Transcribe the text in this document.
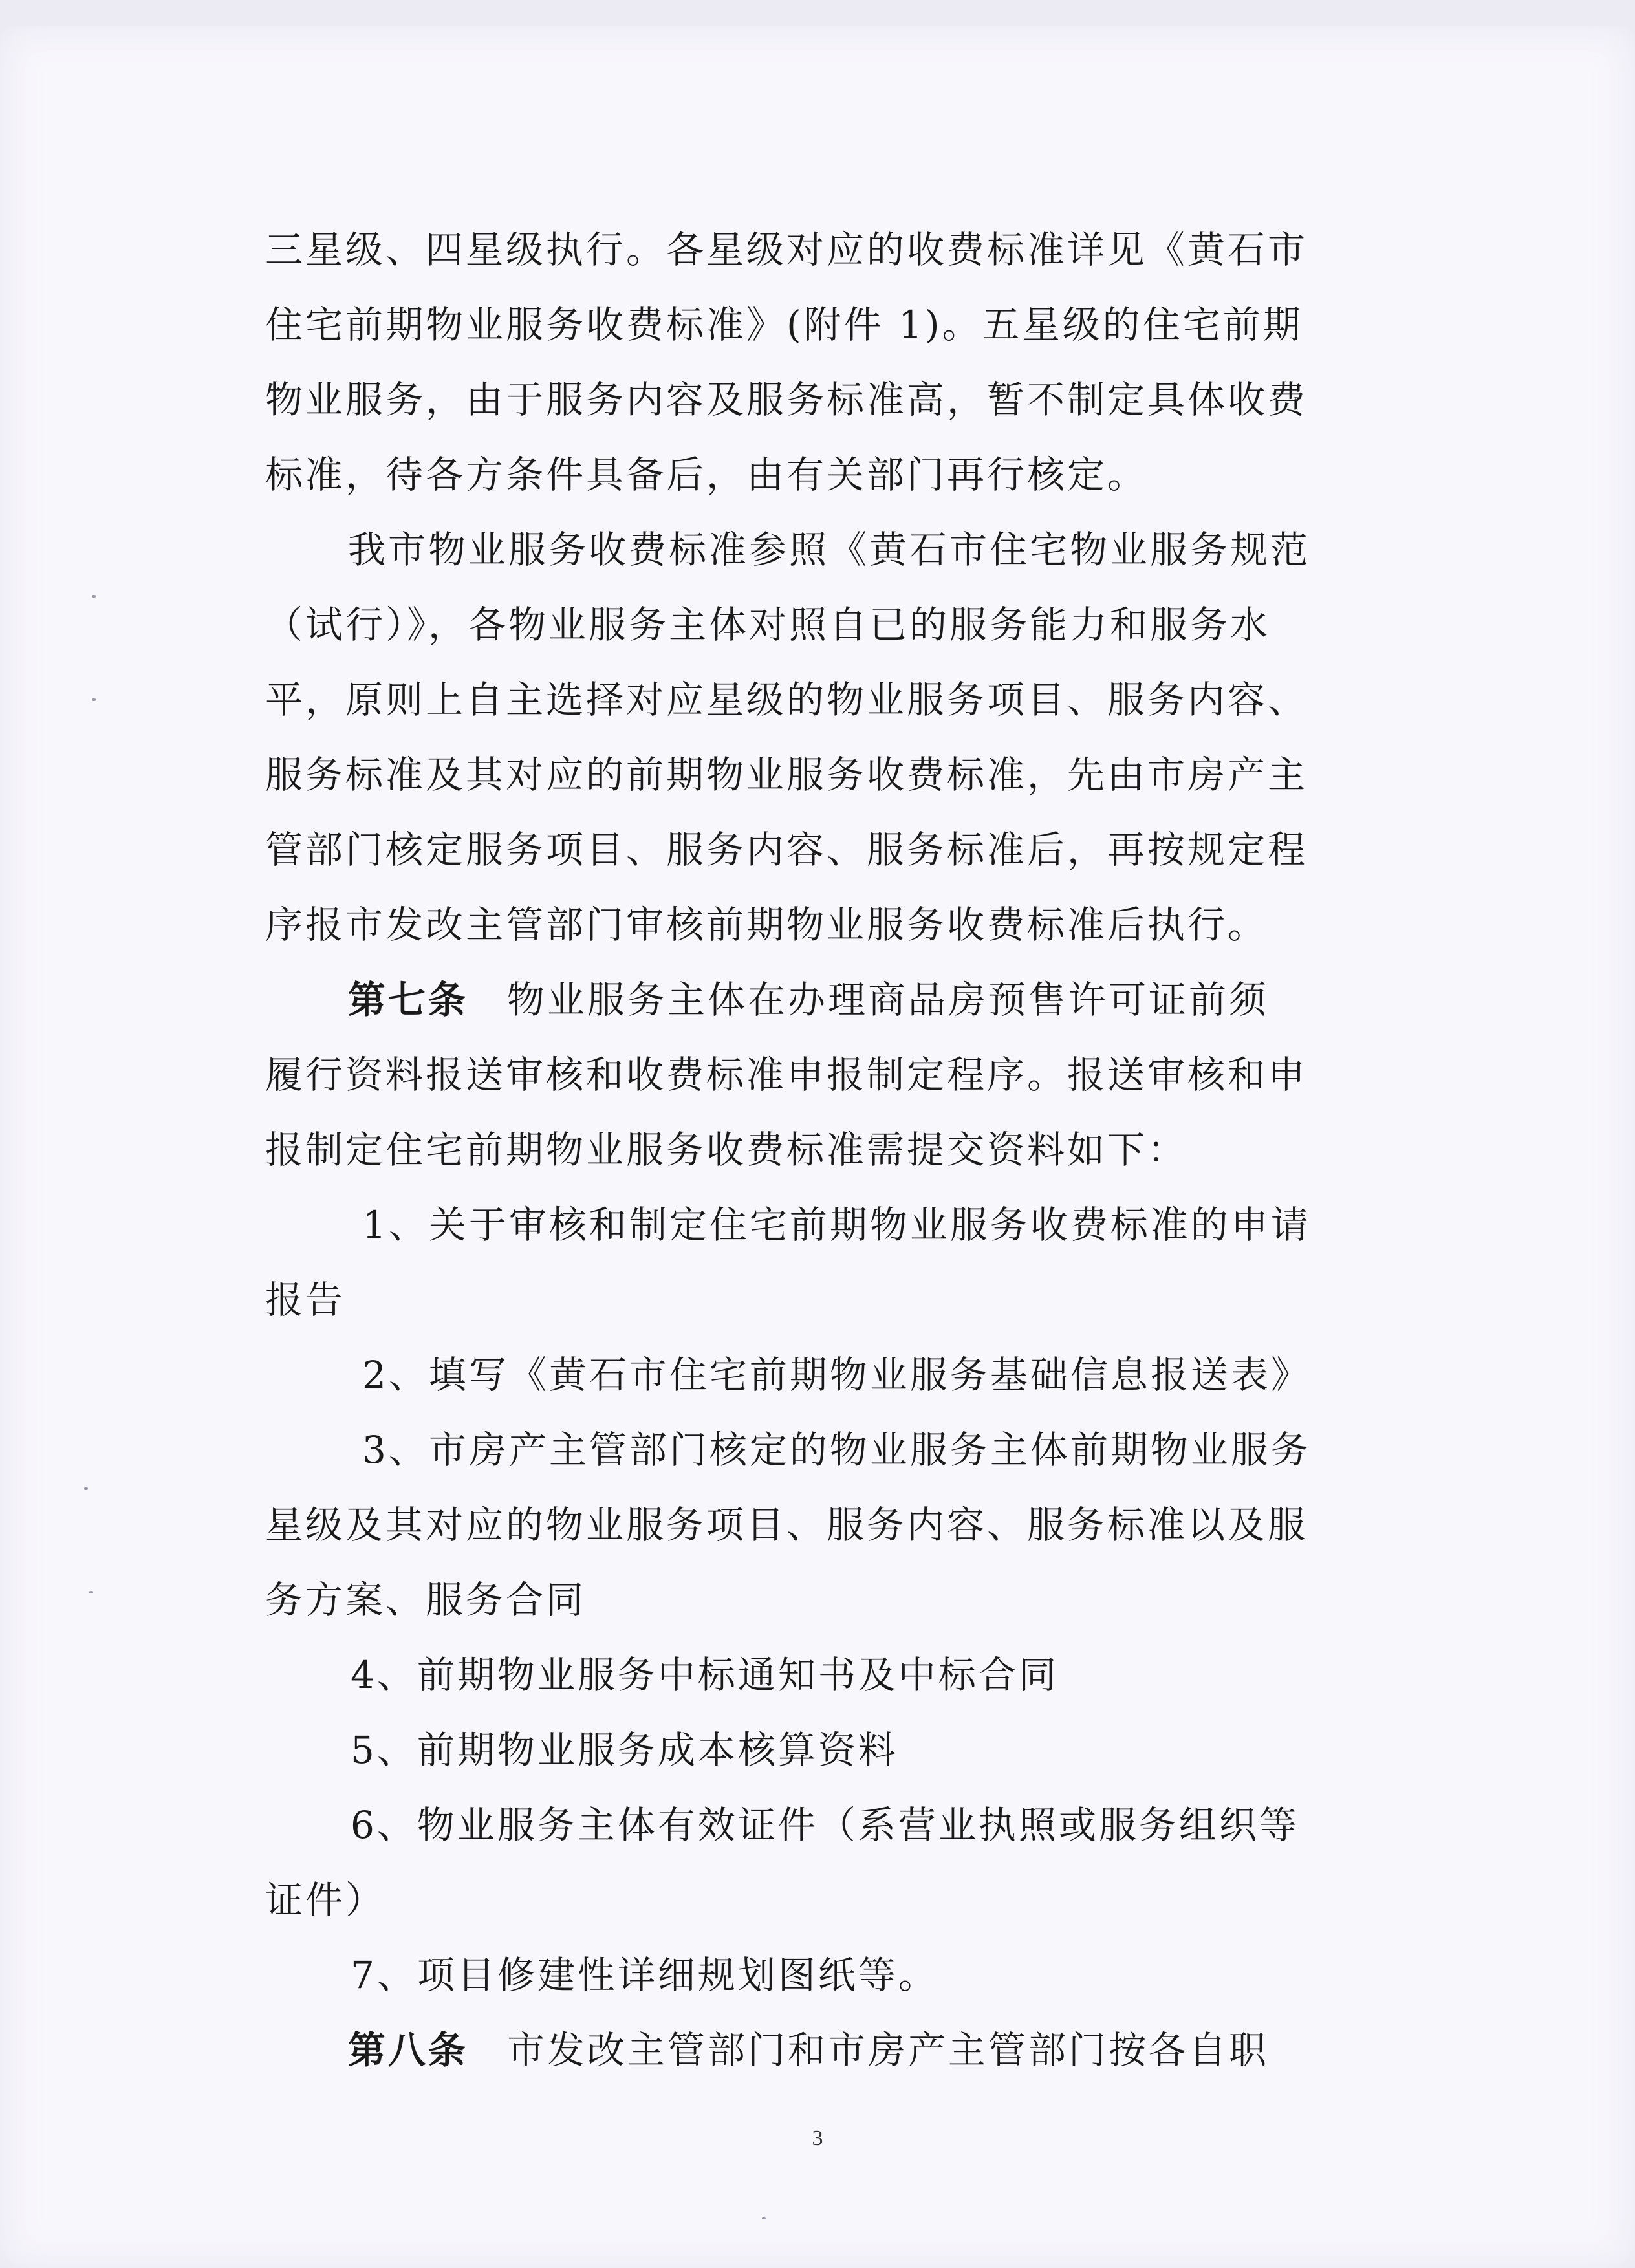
三星级、四星级执行。各星级对应的收费标准详见《黄石市
住宅前期物业服务收费标准》(附件 1)。五星级的住宅前期
物业服务，由于服务内容及服务标准高，暂不制定具体收费
标准，待各方条件具备后，由有关部门再行核定。
我市物业服务收费标准参照《黄石市住宅物业服务规范
（试行）》，各物业服务主体对照自已的服务能力和服务水
平，原则上自主选择对应星级的物业服务项目、服务内容、
服务标准及其对应的前期物业服务收费标准，先由市房产主
管部门核定服务项目、服务内容、服务标准后，再按规定程
序报市发改主管部门审核前期物业服务收费标准后执行。
第七条 物业服务主体在办理商品房预售许可证前须
履行资料报送审核和收费标准申报制定程序。报送审核和申
报制定住宅前期物业服务收费标准需提交资料如下：
1、关于审核和制定住宅前期物业服务收费标准的申请
报告
2、填写《黄石市住宅前期物业服务基础信息报送表》
3、市房产主管部门核定的物业服务主体前期物业服务
星级及其对应的物业服务项目、服务内容、服务标准以及服
务方案、服务合同
4、前期物业服务中标通知书及中标合同
5、前期物业服务成本核算资料
6、物业服务主体有效证件（系营业执照或服务组织等
证件）
7、项目修建性详细规划图纸等。
第八条 市发改主管部门和市房产主管部门按各自职
3
